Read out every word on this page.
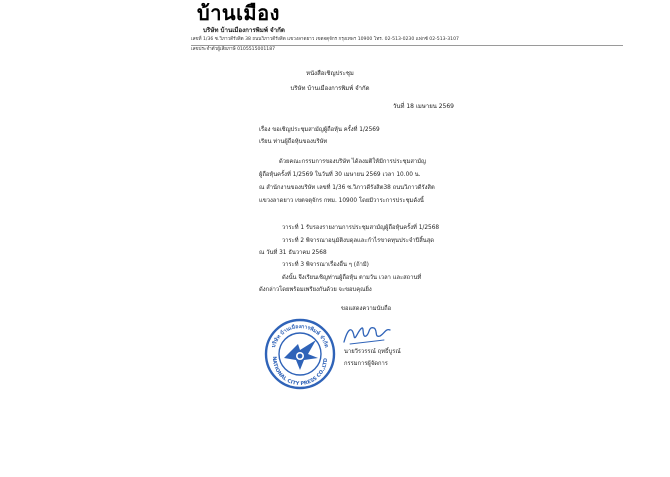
บ้านเมือง
บริษัท บ้านเมืองการพิมพ์ จำกัด
เลขที่ 1/36 ซ.วิภาวดีรังสิต 38 ถนนวิภาวดีรังสิต แขวงลาดยาว เขตจตุจักร กรุงเทพฯ 10900 โทร. 02-513-0230 แฟกซ์ 02-513-3107
เลขประจำตัวผู้เสียภาษี 0105515001187
หนังสือเชิญประชุม
บริษัท บ้านเมืองการพิมพ์ จำกัด
วันที่ 18 เมษายน 2569
เรื่อง ขอเชิญประชุมสามัญผู้ถือหุ้น ครั้งที่ 1/2569
เรียน ท่านผู้ถือหุ้นของบริษัท
ด้วยคณะกรรมการของบริษัท ได้ลงมติให้มีการประชุมสามัญ
ผู้ถือหุ้นครั้งที่ 1/2569 ในวันที่ 30 เมษายน 2569 เวลา 10.00 น.
ณ สำนักงานของบริษัท เลขที่ 1/36 ซ.วิภาวดีรังสิต38 ถนนวิภาวดีรังสิต
แขวงลาดยาว เขตจตุจักร กทม. 10900 โดยมีวาระการประชุมดังนี้
วาระที่ 1 รับรองรายงานการประชุมสามัญผู้ถือหุ้นครั้งที่ 1/2568
วาระที่ 2 พิจารณาอนุมัติงบดุลและกำไรขาดทุนประจำปีสิ้นสุด
ณ วันที่ 31 ธันวาคม 2568
วาระที่ 3 พิจารณาเรื่องอื่น ๆ (ถ้ามี)
ดังนั้น จึงเรียนเชิญท่านผู้ถือหุ้น ตามวัน เวลา และสถานที่
ดังกล่าวโดยพร้อมเพรียงกันด้วย จะขอบคุณยิ่ง
ขอแสดงความนับถือ
บริษัท บ้านเมืองการพิมพ์ จำกัด
NATIONAL CITY PRESS CO.,LTD
นายวีรวรรณ์ ฤทธิ์บูรณ์
กรรมการผู้จัดการ
